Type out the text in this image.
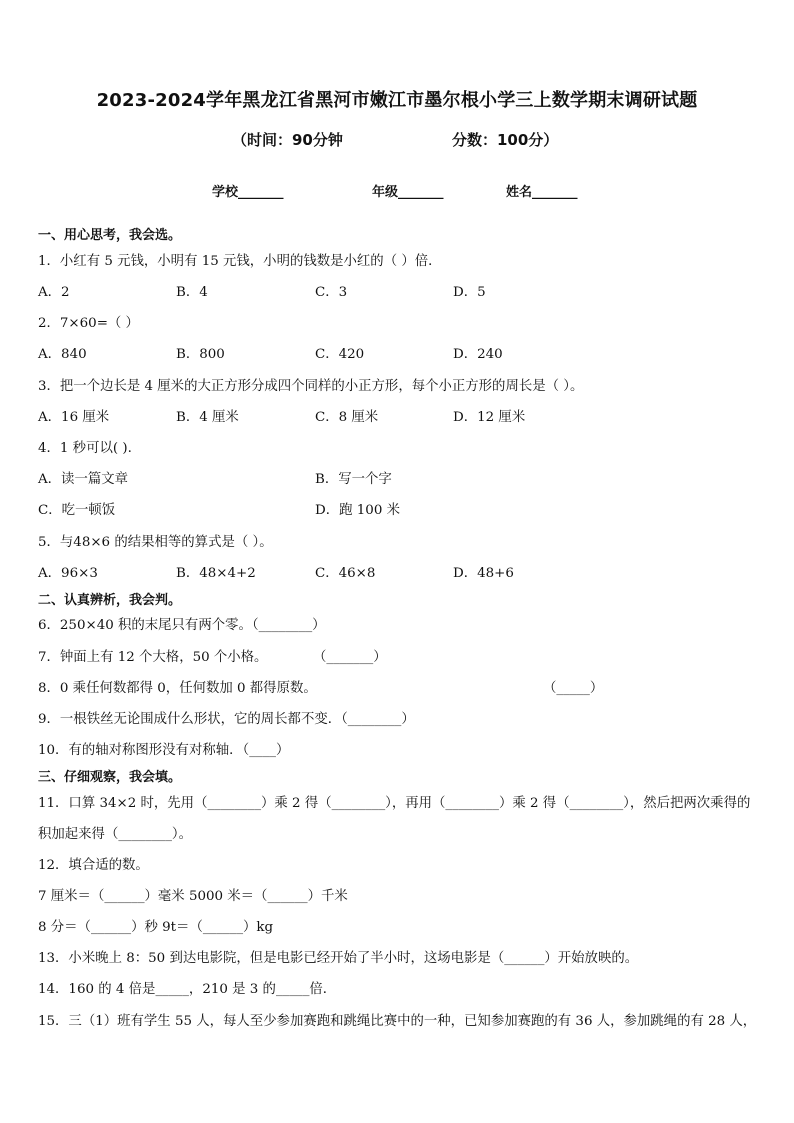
2023-2024学年黑龙江省黑河市嫩江市墨尔根小学三上数学期末调研试题
（时间：90分钟	分数：100分）
学校_______	年级_______	姓名_______
一、用心思考，我会选。
1．小红有 5 元钱，小明有 15 元钱，小明的钱数是小红的（ ）倍．
A．2	B．4	C．3	D．5
2．7×60=（ ）
A．840	B．800	C．420	D．240
3．把一个边长是 4 厘米的大正方形分成四个同样的小正方形，每个小正方形的周长是（ ）。
A．16 厘米	B．4 厘米	C．8 厘米	D．12 厘米
4．1 秒可以( ).
A．读一篇文章	B．写一个字
C．吃一顿饭	D．跑 100 米
5．与48×6 的结果相等的算式是（ ）。
A．96×3	B．48×4+2	C．46×8	D．48+6
二、认真辨析，我会判。
6．250×40 积的末尾只有两个零。（________）
7．钟面上有 12 个大格，50 个小格。	（_______）
8．0 乘任何数都得 0，任何数加 0 都得原数。	（_____）
9．一根铁丝无论围成什么形状，它的周长都不变．（________）
10．有的轴对称图形没有对称轴．（____）
三、仔细观察，我会填。
11．口算 34×2 时，先用（________）乘 2 得（________），再用（________）乘 2 得（________），然后把两次乘得的
积加起来得（________）。
12．填合适的数。
7 厘米＝（______）毫米 5000 米＝（______）千米
8 分＝（______）秒 9t＝（______）kg
13．小米晚上 8：50 到达电影院，但是电影已经开始了半小时，这场电影是（______）开始放映的。
14．160 的 4 倍是_____，210 是 3 的_____倍．
15．三（1）班有学生 55 人，每人至少参加赛跑和跳绳比赛中的一种，已知参加赛跑的有 36 人，参加跳绳的有 28 人，
